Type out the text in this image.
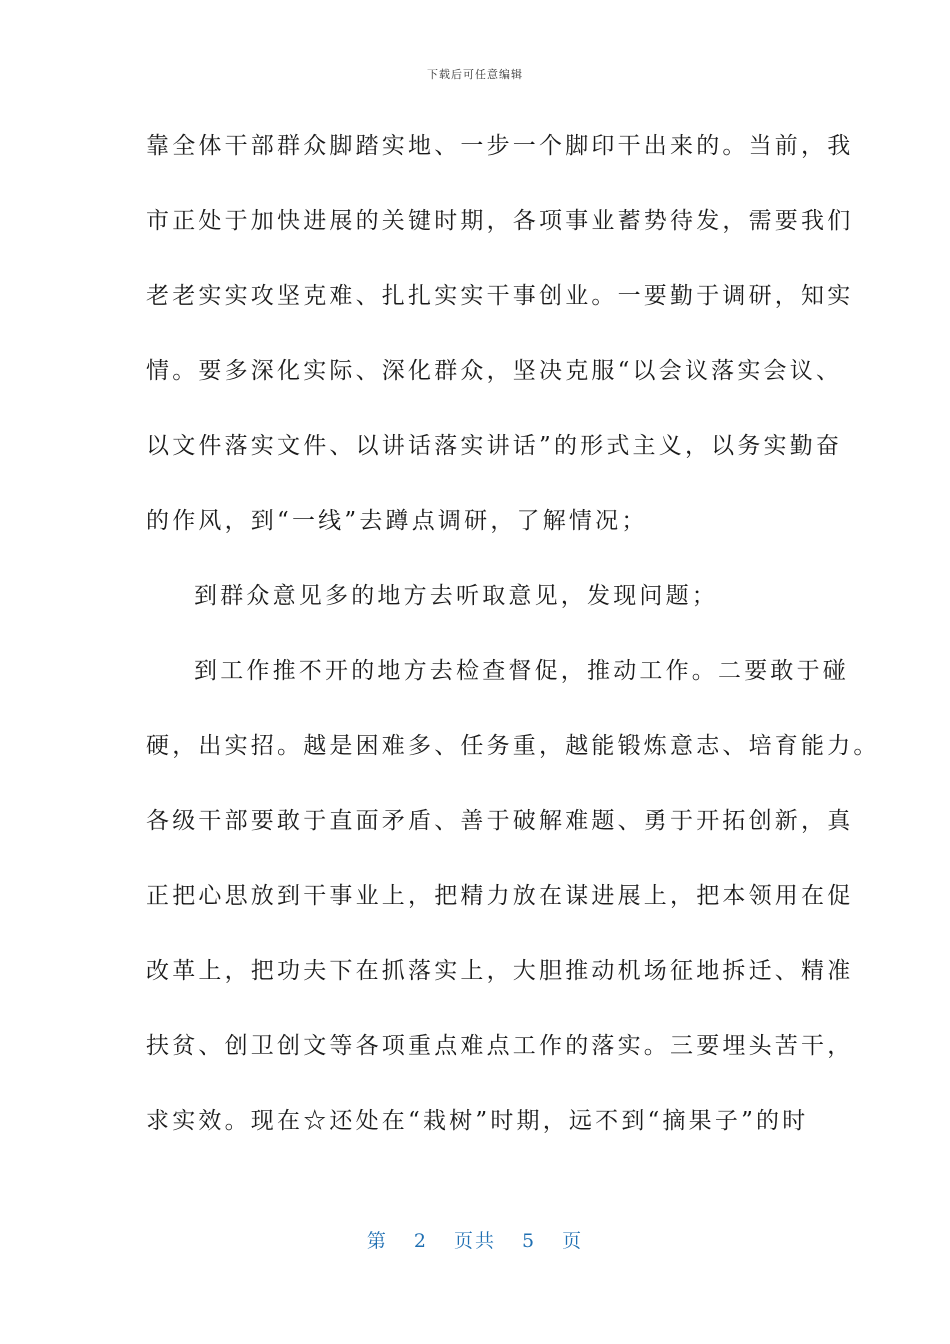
下载后可任意编辑
靠全体干部群众脚踏实地、一步一个脚印干出来的。当前，我
市正处于加快进展的关键时期，各项事业蓄势待发，需要我们
老老实实攻坚克难、扎扎实实干事创业。一要勤于调研，知实
情。要多深化实际、深化群众，坚决克服“以会议落实会议、
以文件落实文件、以讲话落实讲话”的形式主义，以务实勤奋
的作风，到“一线”去蹲点调研，了解情况；
到群众意见多的地方去听取意见，发现问题；
到工作推不开的地方去检查督促，推动工作。二要敢于碰
硬，出实招。越是困难多、任务重，越能锻炼意志、培育能力。
各级干部要敢于直面矛盾、善于破解难题、勇于开拓创新，真
正把心思放到干事业上，把精力放在谋进展上，把本领用在促
改革上，把功夫下在抓落实上，大胆推动机场征地拆迁、精准
扶贫、创卫创文等各项重点难点工作的落实。三要埋头苦干，
求实效。现在☆还处在“栽树”时期，远不到“摘果子”的时
第 2 页共 5 页
